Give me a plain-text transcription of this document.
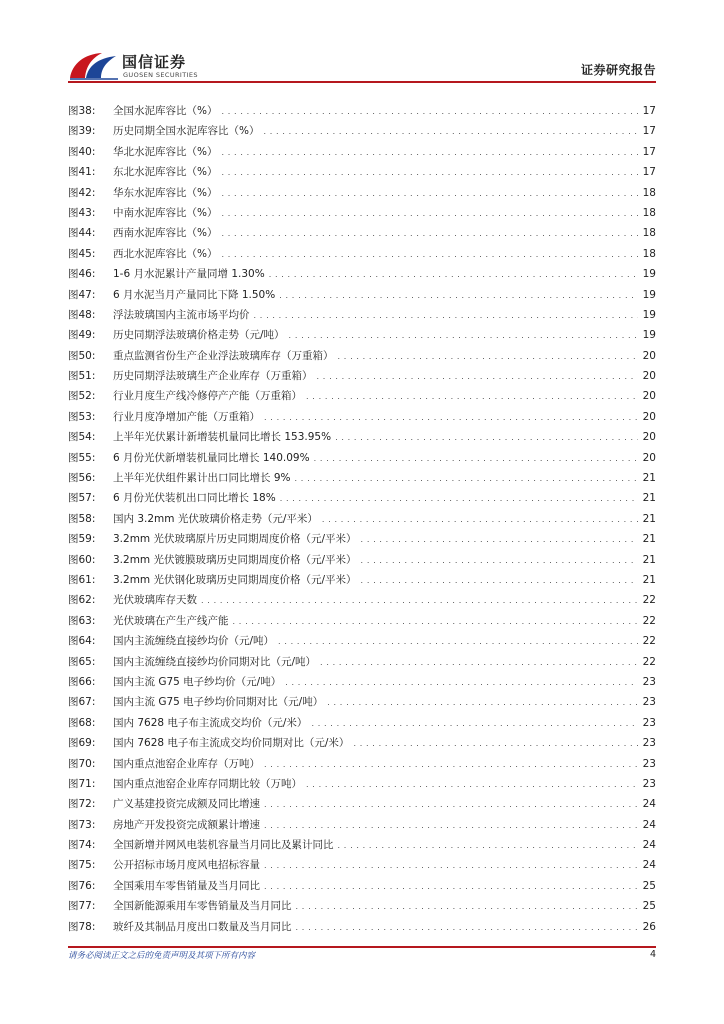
国信证券
GUOSEN SECURITIES	证券研究报告
图38:	全国水泥库容比（%） . . .	17
图39:	历史同期全国水泥库容比（%） . . .	17
图40:	华北水泥库容比（%） . . .	17
图41:	东北水泥库容比（%） . . .	17
图42:	华东水泥库容比（%） . . .	18
图43:	中南水泥库容比（%） . . .	18
图44:	西南水泥库容比（%） . . .	18
图45:	西北水泥库容比（%） . . .	18
图46:	1-6 月水泥累计产量同增 1.30% . . .	19
图47:	6 月水泥当月产量同比下降 1.50% . . .	19
图48:	浮法玻璃国内主流市场平均价 . . .	19
图49:	历史同期浮法玻璃价格走势（元/吨） . . .	19
图50:	重点监测省份生产企业浮法玻璃库存（万重箱） . . .	20
图51:	历史同期浮法玻璃生产企业库存（万重箱） . . .	20
图52:	行业月度生产线冷修停产产能（万重箱） . . .	20
图53:	行业月度净增加产能（万重箱） . . .	20
图54:	上半年光伏累计新增装机量同比增长 153.95% . . .	20
图55:	6 月份光伏新增装机量同比增长 140.09% . . .	20
图56:	上半年光伏组件累计出口同比增长 9% . . .	21
图57:	6 月份光伏装机出口同比增长 18% . . .	21
图58:	国内 3.2mm 光伏玻璃价格走势（元/平米） . . .	21
图59:	3.2mm 光伏玻璃原片历史同期周度价格（元/平米） . . .	21
图60:	3.2mm 光伏镀膜玻璃历史同期周度价格（元/平米） . . .	21
图61:	3.2mm 光伏钢化玻璃历史同期周度价格（元/平米） . . .	21
图62:	光伏玻璃库存天数 . . .	22
图63:	光伏玻璃在产生产线产能 . . .	22
图64:	国内主流缠绕直接纱均价（元/吨） . . .	22
图65:	国内主流缠绕直接纱均价同期对比（元/吨） . . .	22
图66:	国内主流 G75 电子纱均价（元/吨） . . .	23
图67:	国内主流 G75 电子纱均价同期对比（元/吨） . . .	23
图68:	国内 7628 电子布主流成交均价（元/米） . . .	23
图69:	国内 7628 电子布主流成交均价同期对比（元/米） . . .	23
图70:	国内重点池窑企业库存（万吨） . . .	23
图71:	国内重点池窑企业库存同期比较（万吨） . . .	23
图72:	广义基建投资完成额及同比增速 . . .	24
图73:	房地产开发投资完成额累计增速 . . .	24
图74:	全国新增并网风电装机容量当月同比及累计同比 . . .	24
图75:	公开招标市场月度风电招标容量 . . .	24
图76:	全国乘用车零售销量及当月同比 . . .	25
图77:	全国新能源乘用车零售销量及当月同比 . . .	25
图78:	玻纤及其制品月度出口数量及当月同比 . . .	26
请务必阅读正文之后的免责声明及其项下所有内容	4
